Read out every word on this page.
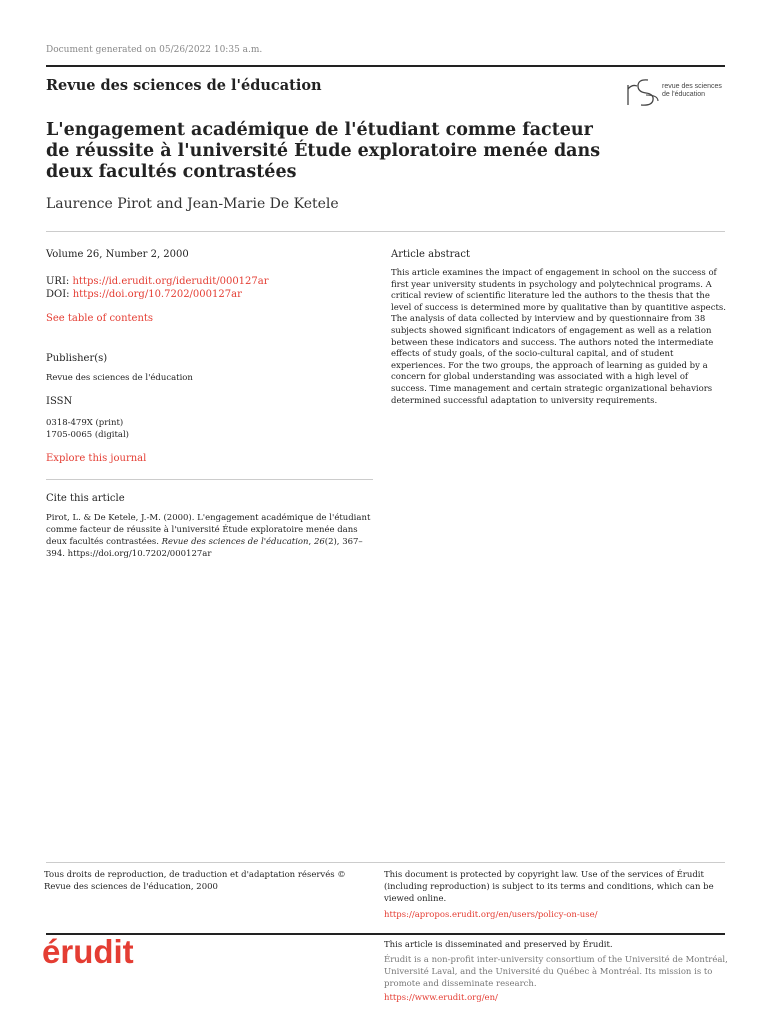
Document generated on 05/26/2022 10:35 a.m.
Revue des sciences de l'éducation	revue des sciences
de l'éducation
L'engagement académique de l'étudiant comme facteur de réussite à l'université Étude exploratoire menée dans deux facultés contrastées
Laurence Pirot and Jean-Marie De Ketele
Volume 26, Number 2, 2000
URI: https://id.erudit.org/iderudit/000127ar
DOI: https://doi.org/10.7202/000127ar
See table of contents
Publisher(s)
Revue des sciences de l'éducation
ISSN
0318-479X (print)
1705-0065 (digital)
Explore this journal
Cite this article
Pirot, L. & De Ketele, J.-M. (2000). L'engagement académique de l'étudiant comme facteur de réussite à l'université Étude exploratoire menée dans deux facultés contrastées. Revue des sciences de l'éducation, 26(2), 367–394. https://doi.org/10.7202/000127ar
Article abstract
This article examines the impact of engagement in school on the success of first year university students in psychology and polytechnical programs. A critical review of scientific literature led the authors to the thesis that the level of success is determined more by qualitative than by quantitive aspects. The analysis of data collected by interview and by questionnaire from 38 subjects showed significant indicators of engagement as well as a relation between these indicators and success. The authors noted the intermediate effects of study goals, of the socio-cultural capital, and of student experiences. For the two groups, the approach of learning as guided by a concern for global understanding was associated with a high level of success. Time management and certain strategic organizational behaviors determined successful adaptation to university requirements.
Tous droits de reproduction, de traduction et d'adaptation réservés © Revue des sciences de l'éducation, 2000
This document is protected by copyright law. Use of the services of Érudit (including reproduction) is subject to its terms and conditions, which can be viewed online.
https://apropos.erudit.org/en/users/policy-on-use/
érudit	This article is disseminated and preserved by Érudit.
Érudit is a non-profit inter-university consortium of the Université de Montréal, Université Laval, and the Université du Québec à Montréal. Its mission is to promote and disseminate research.
https://www.erudit.org/en/
